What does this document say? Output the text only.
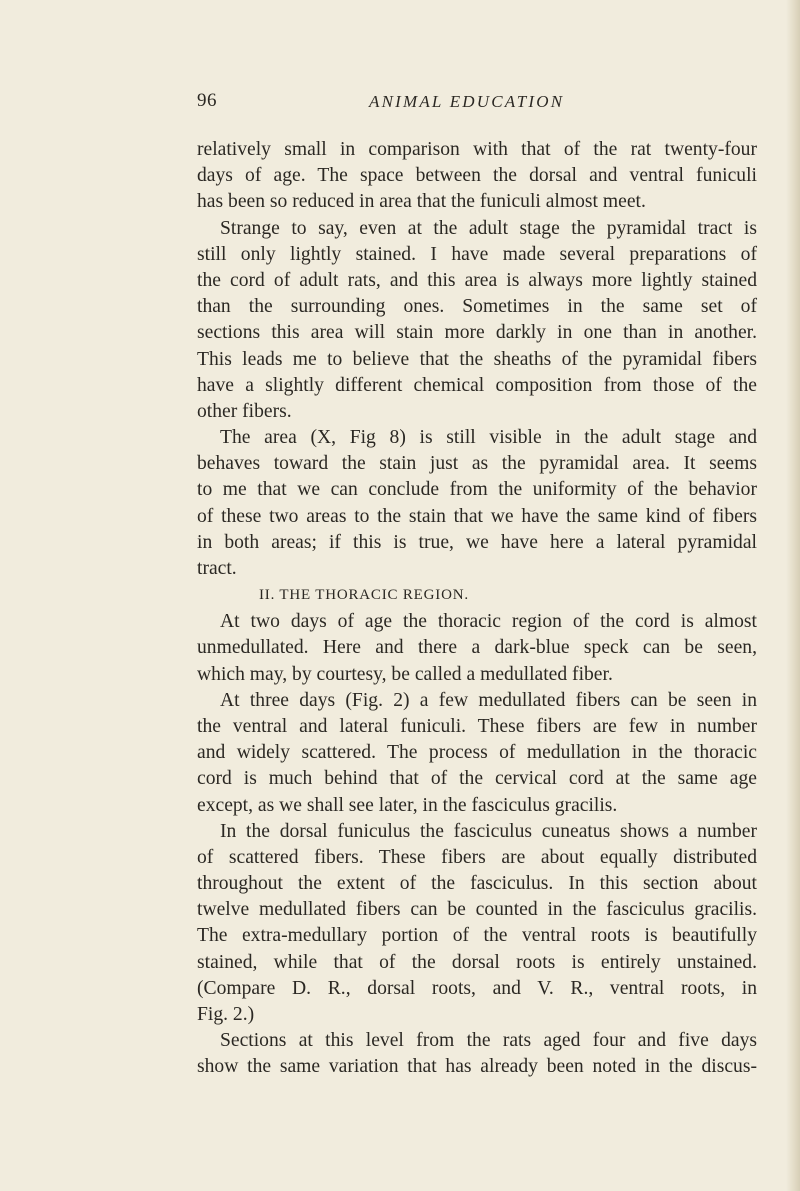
96	ANIMAL EDUCATION
relatively small in comparison with that of the rat twenty-four
days of age. The space between the dorsal and ventral funiculi
has been so reduced in area that the funiculi almost meet.
Strange to say, even at the adult stage the pyramidal tract is
still only lightly stained. I have made several preparations of
the cord of adult rats, and this area is always more lightly stained
than the surrounding ones. Sometimes in the same set of
sections this area will stain more darkly in one than in another.
This leads me to believe that the sheaths of the pyramidal fibers
have a slightly different chemical composition from those of the
other fibers.
The area (X, Fig 8) is still visible in the adult stage and
behaves toward the stain just as the pyramidal area. It seems
to me that we can conclude from the uniformity of the behavior
of these two areas to the stain that we have the same kind of fibers
in both areas; if this is true, we have here a lateral pyramidal
tract.
II. THE THORACIC REGION.
At two days of age the thoracic region of the cord is almost
unmedullated. Here and there a dark-blue speck can be seen,
which may, by courtesy, be called a medullated fiber.
At three days (Fig. 2) a few medullated fibers can be seen in
the ventral and lateral funiculi. These fibers are few in number
and widely scattered. The process of medullation in the thoracic
cord is much behind that of the cervical cord at the same age
except, as we shall see later, in the fasciculus gracilis.
In the dorsal funiculus the fasciculus cuneatus shows a number
of scattered fibers. These fibers are about equally distributed
throughout the extent of the fasciculus. In this section about
twelve medullated fibers can be counted in the fasciculus gracilis.
The extra-medullary portion of the ventral roots is beautifully
stained, while that of the dorsal roots is entirely unstained.
(Compare D. R., dorsal roots, and V. R., ventral roots, in
Fig. 2.)
Sections at this level from the rats aged four and five days
show the same variation that has already been noted in the discus-
